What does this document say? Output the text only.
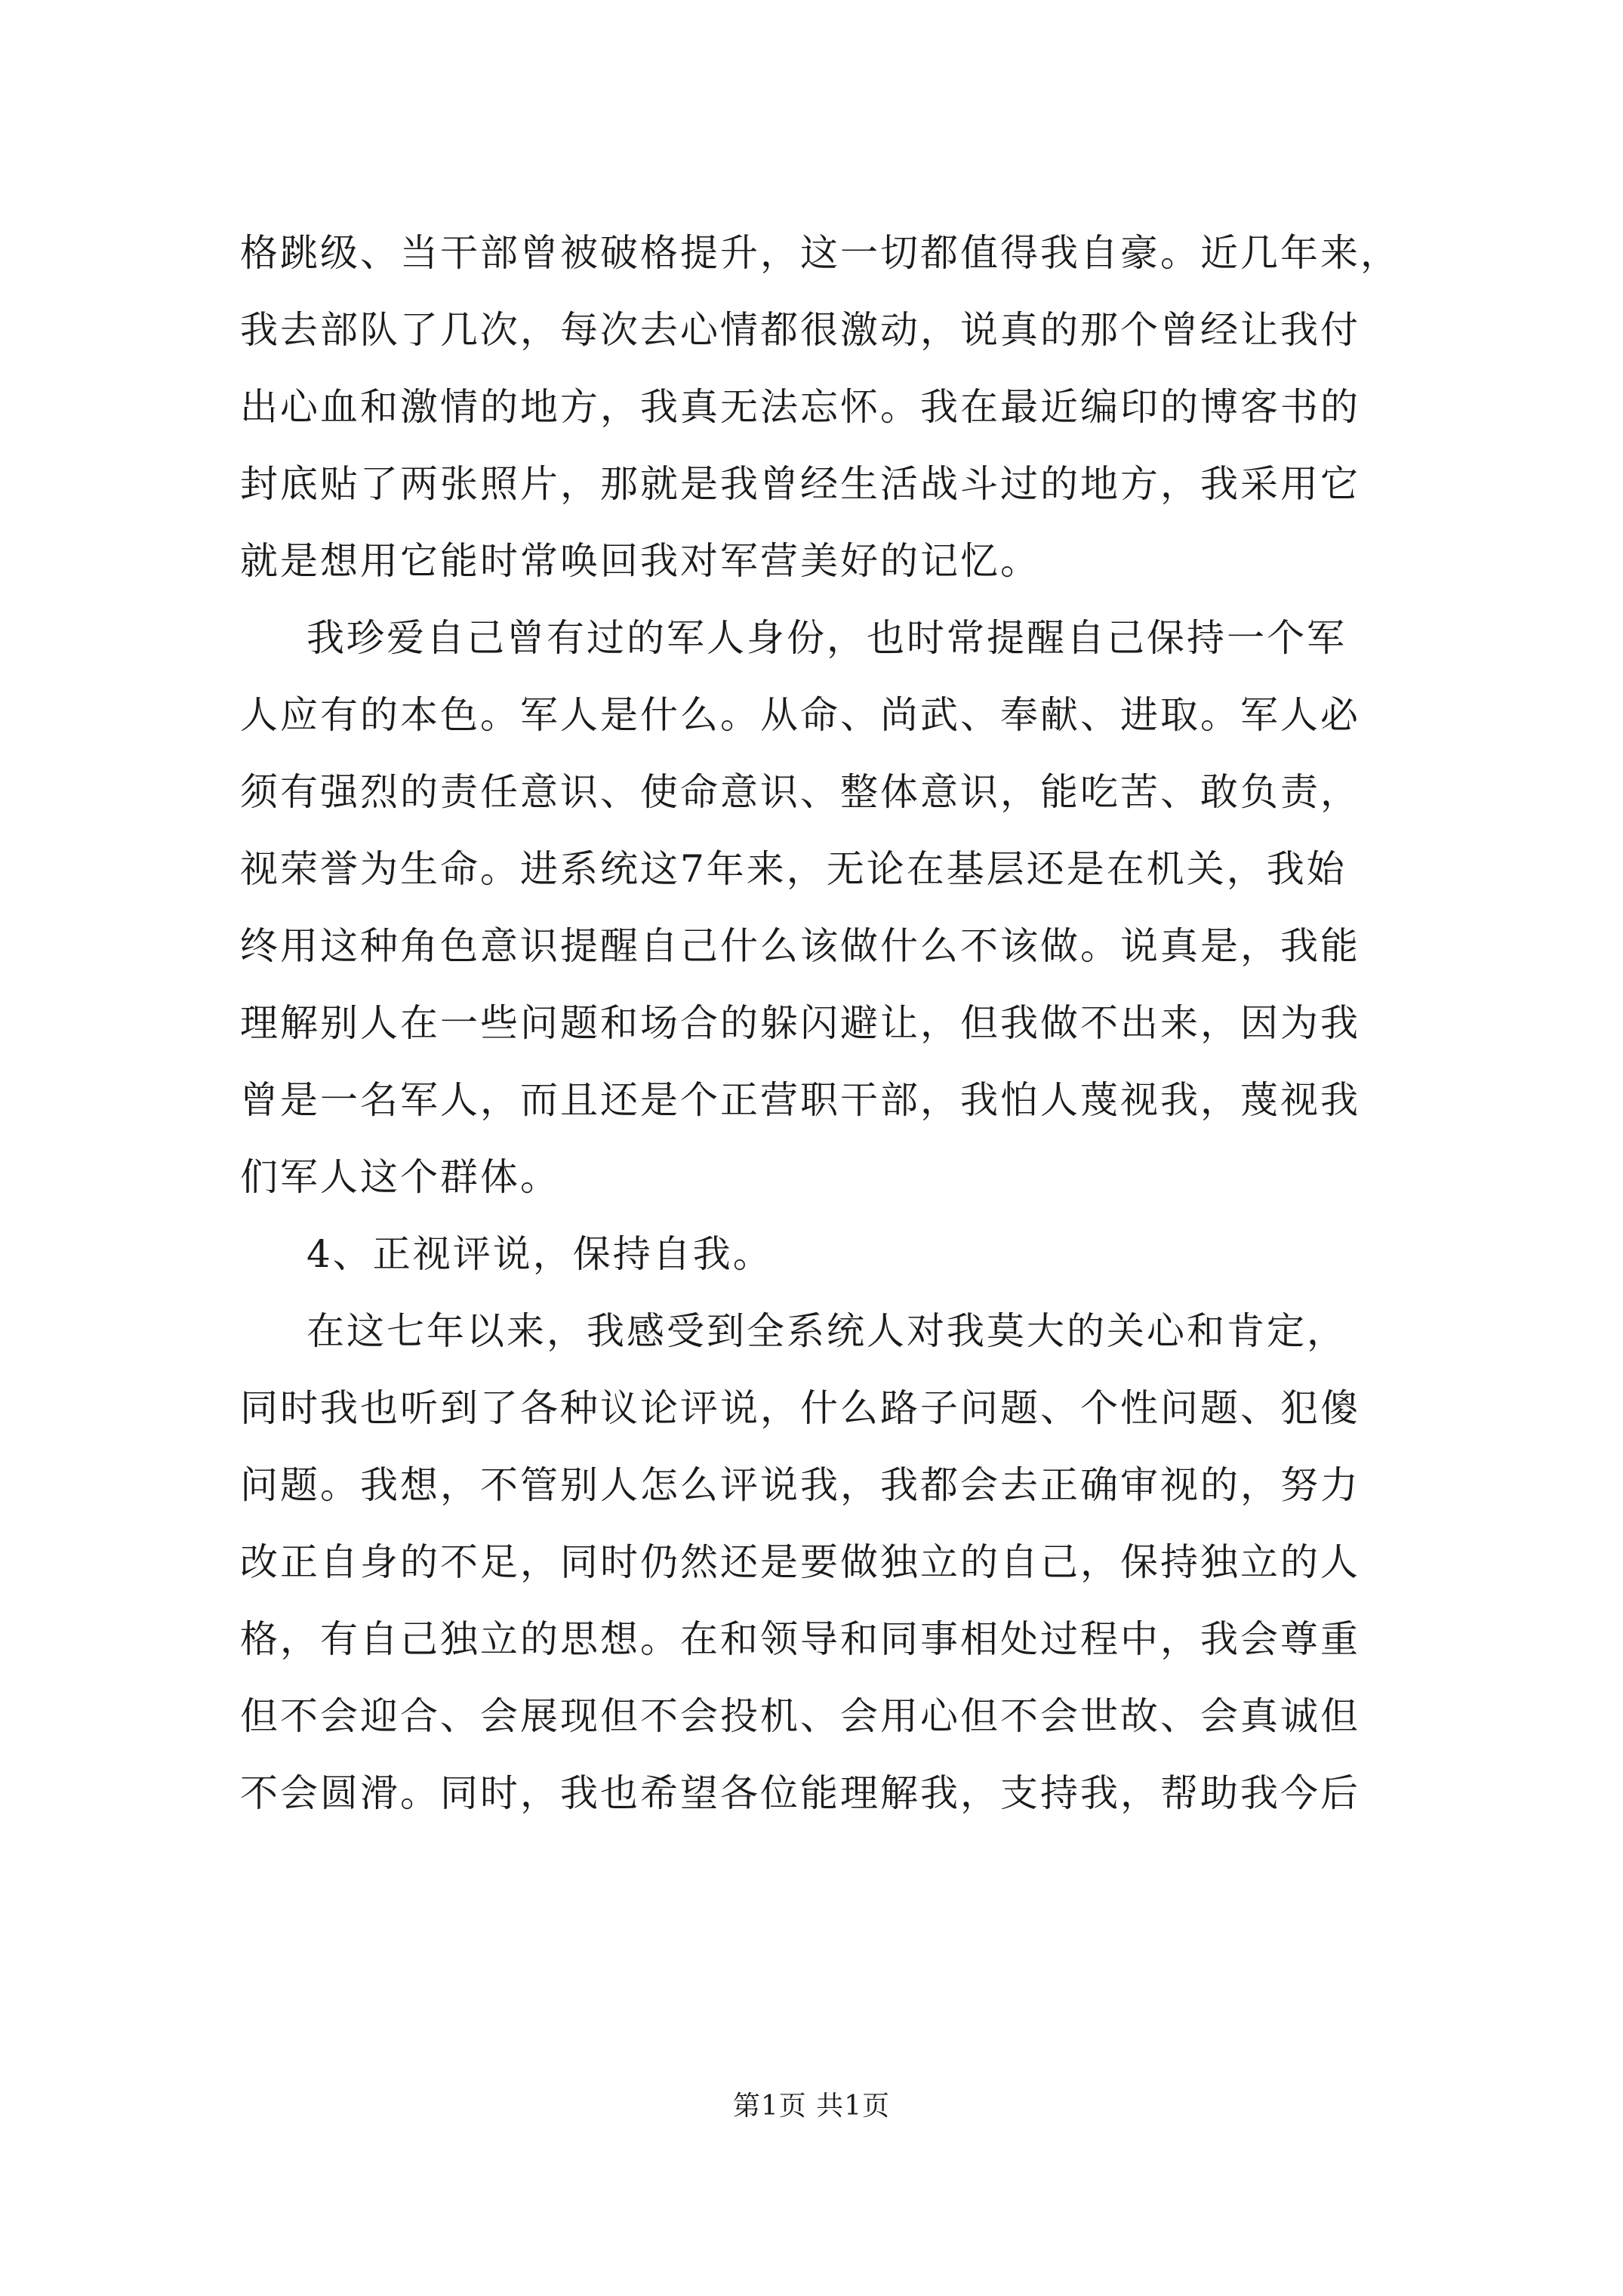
格跳级、当干部曾被破格提升，这一切都值得我自豪。近几年来，
我去部队了几次，每次去心情都很激动，说真的那个曾经让我付
出心血和激情的地方，我真无法忘怀。我在最近编印的博客书的
封底贴了两张照片，那就是我曾经生活战斗过的地方，我采用它
就是想用它能时常唤回我对军营美好的记忆。
我珍爱自己曾有过的军人身份，也时常提醒自己保持一个军
人应有的本色。军人是什么。从命、尚武、奉献、进取。军人必
须有强烈的责任意识、使命意识、整体意识，能吃苦、敢负责，
视荣誉为生命。进系统这7年来，无论在基层还是在机关，我始
终用这种角色意识提醒自己什么该做什么不该做。说真是，我能
理解别人在一些问题和场合的躲闪避让，但我做不出来，因为我
曾是一名军人，而且还是个正营职干部，我怕人蔑视我，蔑视我
们军人这个群体。
4、正视评说，保持自我。
在这七年以来，我感受到全系统人对我莫大的关心和肯定，
同时我也听到了各种议论评说，什么路子问题、个性问题、犯傻
问题。我想，不管别人怎么评说我，我都会去正确审视的，努力
改正自身的不足，同时仍然还是要做独立的自己，保持独立的人
格，有自己独立的思想。在和领导和同事相处过程中，我会尊重
但不会迎合、会展现但不会投机、会用心但不会世故、会真诚但
不会圆滑。同时，我也希望各位能理解我，支持我，帮助我今后
第1页 共1页
